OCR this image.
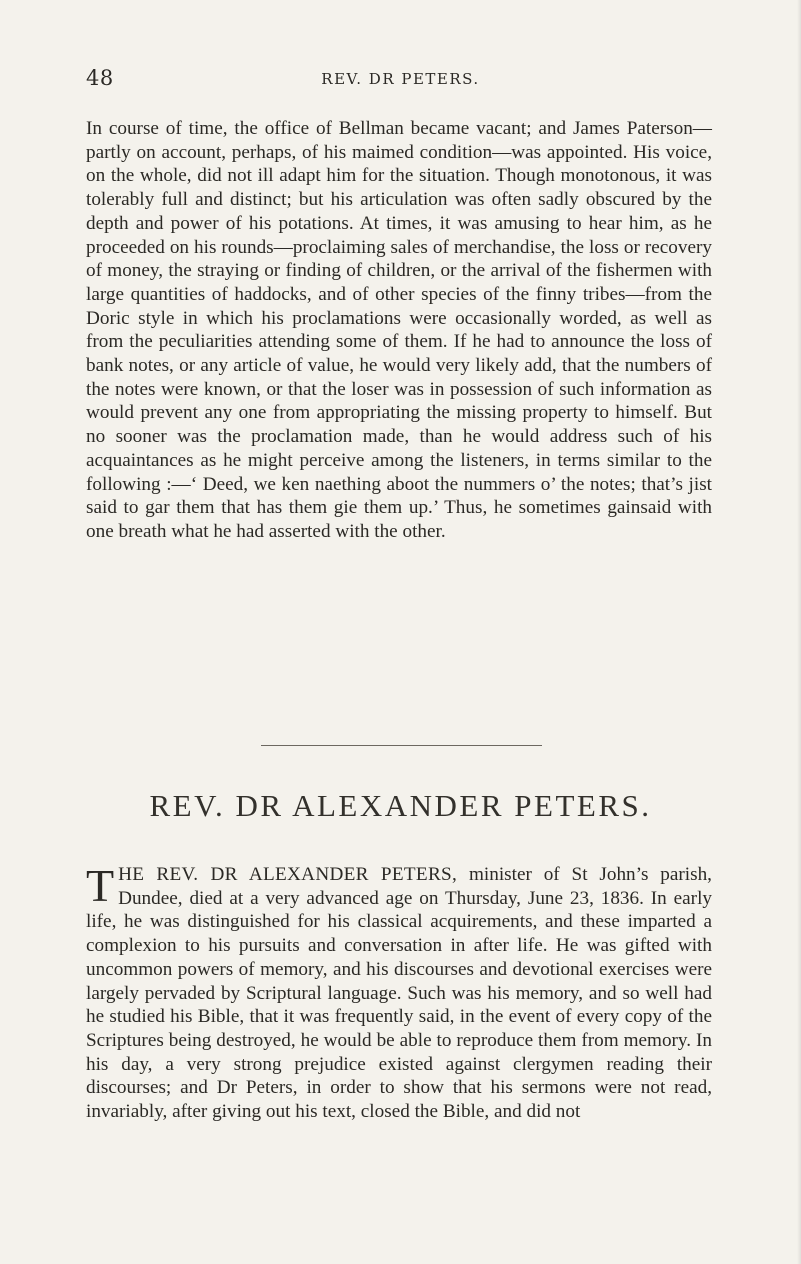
48	REV. DR PETERS.

In course of time, the office of Bellman became vacant; and James Paterson—partly on account, perhaps, of his maimed condition—was appointed. His voice, on the whole, did not ill adapt him for the situation. Though monotonous, it was tolerably full and distinct; but his articulation was often sadly obscured by the depth and power of his potations. At times, it was amusing to hear him, as he proceeded on his rounds—proclaiming sales of merchandise, the loss or recovery of money, the straying or finding of children, or the arrival of the fishermen with large quantities of haddocks, and of other species of the finny tribes—from the Doric style in which his proclamations were occasionally worded, as well as from the peculiarities attending some of them. If he had to announce the loss of bank notes, or any article of value, he would very likely add, that the numbers of the notes were known, or that the loser was in possession of such information as would prevent any one from appropriating the missing property to himself. But no sooner was the proclamation made, than he would address such of his acquaintances as he might perceive among the listeners, in terms similar to the following :—‘ Deed, we ken naething aboot the nummers o’ the notes; that’s jist said to gar them that has them gie them up.’ Thus, he sometimes gainsaid with one breath what he had asserted with the other.

REV. DR ALEXANDER PETERS.

THE REV. DR ALEXANDER PETERS, minister of St John’s parish, Dundee, died at a very advanced age on Thursday, June 23, 1836. In early life, he was distinguished for his classical acquirements, and these imparted a complexion to his pursuits and conversation in after life. He was gifted with uncommon powers of memory, and his discourses and devotional exercises were largely pervaded by Scriptural language. Such was his memory, and so well had he studied his Bible, that it was frequently said, in the event of every copy of the Scriptures being destroyed, he would be able to reproduce them from memory. In his day, a very strong prejudice existed against clergymen reading their discourses; and Dr Peters, in order to show that his sermons were not read, invariably, after giving out his text, closed the Bible, and did not
